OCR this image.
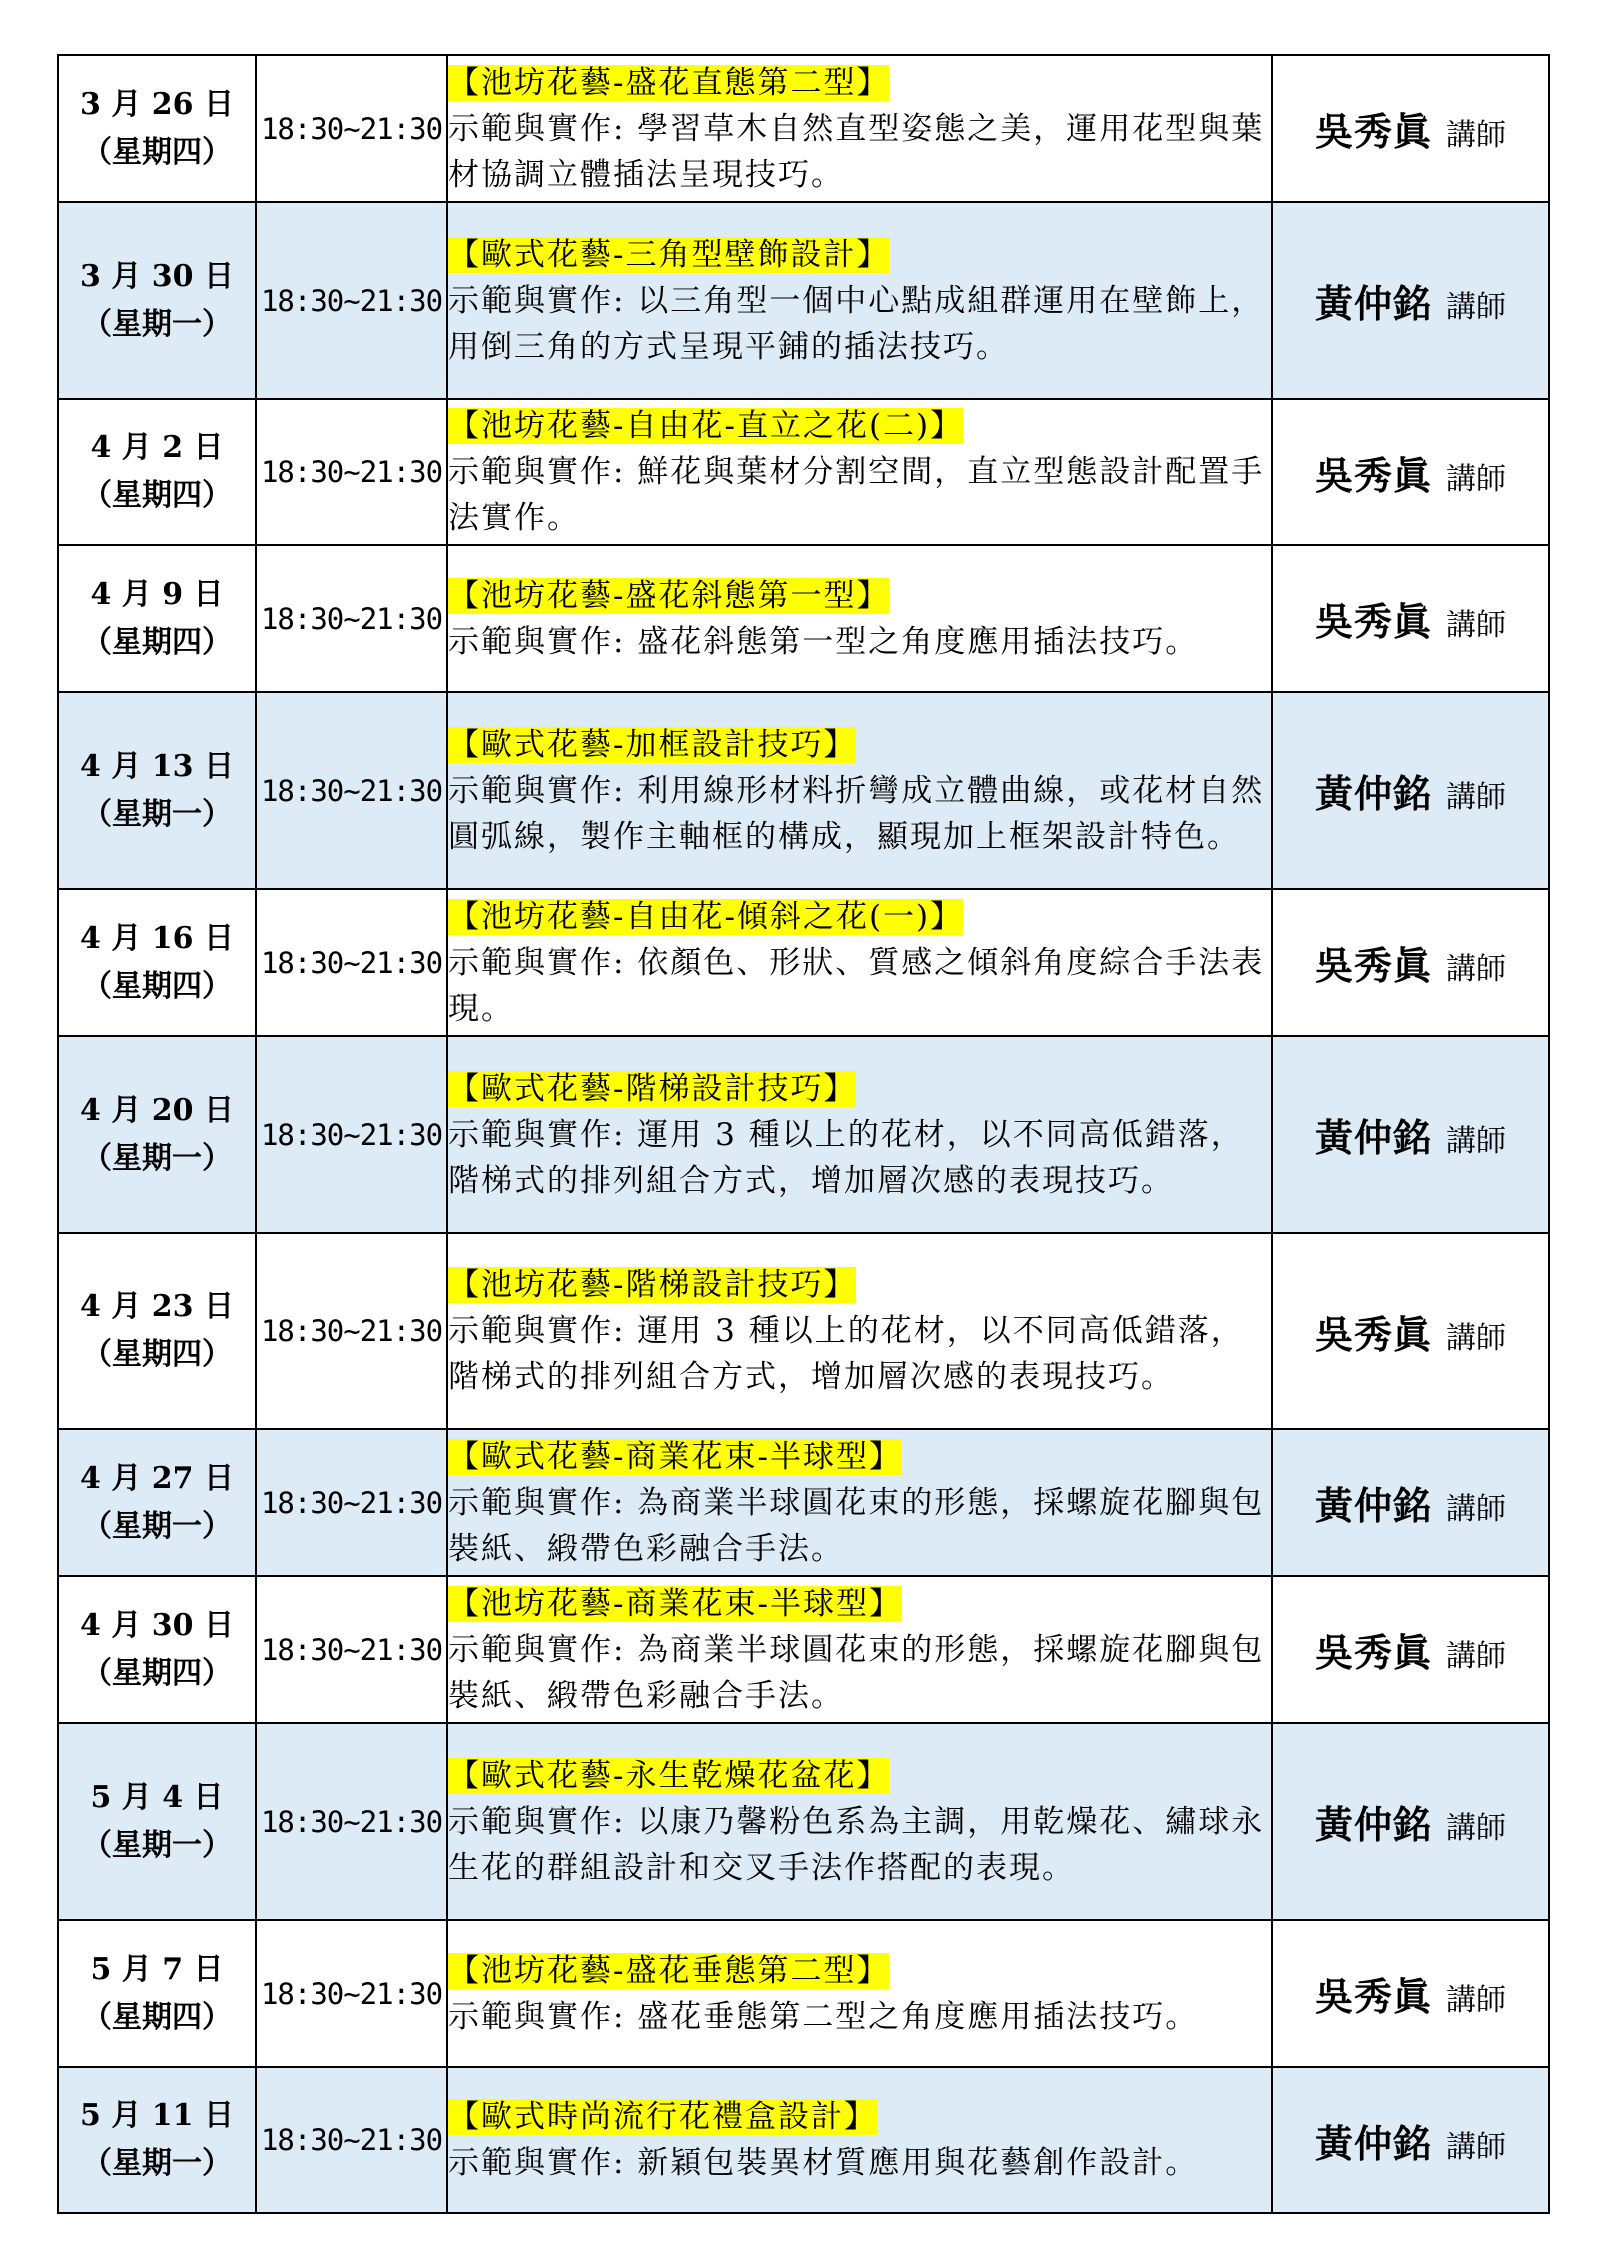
3 月 26 日
（星期四）	18:30~21:30	【池坊花藝-盛花直態第二型】
示範與實作: 學習草木自然直型姿態之美，運用花型與葉材協調立體插法呈現技巧。	吳秀眞 講師

3 月 30 日
（星期一）	18:30~21:30	【歐式花藝-三角型壁飾設計】
示範與實作: 以三角型一個中心點成組群運用在壁飾上，用倒三角的方式呈現平鋪的插法技巧。	黃仲銘 講師

4 月 2 日
（星期四）	18:30~21:30	【池坊花藝-自由花-直立之花(二)】
示範與實作: 鮮花與葉材分割空間，直立型態設計配置手法實作。	吳秀眞 講師

4 月 9 日
（星期四）	18:30~21:30	【池坊花藝-盛花斜態第一型】
示範與實作: 盛花斜態第一型之角度應用插法技巧。	吳秀眞 講師

4 月 13 日
（星期一）	18:30~21:30	【歐式花藝-加框設計技巧】
示範與實作: 利用線形材料折彎成立體曲線，或花材自然圓弧線，製作主軸框的構成，顯現加上框架設計特色。	黃仲銘 講師

4 月 16 日
（星期四）	18:30~21:30	【池坊花藝-自由花-傾斜之花(一)】
示範與實作: 依顏色、形狀、質感之傾斜角度綜合手法表現。	吳秀眞 講師

4 月 20 日
（星期一）	18:30~21:30	【歐式花藝-階梯設計技巧】
示範與實作: 運用 3 種以上的花材，以不同高低錯落，階梯式的排列組合方式，增加層次感的表現技巧。	黃仲銘 講師

4 月 23 日
（星期四）	18:30~21:30	【池坊花藝-階梯設計技巧】
示範與實作: 運用 3 種以上的花材，以不同高低錯落，階梯式的排列組合方式，增加層次感的表現技巧。	吳秀眞 講師

4 月 27 日
（星期一）	18:30~21:30	【歐式花藝-商業花束-半球型】
示範與實作: 為商業半球圓花束的形態，採螺旋花腳與包裝紙、緞帶色彩融合手法。	黃仲銘 講師

4 月 30 日
（星期四）	18:30~21:30	【池坊花藝-商業花束-半球型】
示範與實作: 為商業半球圓花束的形態，採螺旋花腳與包裝紙、緞帶色彩融合手法。	吳秀眞 講師

5 月 4 日
（星期一）	18:30~21:30	【歐式花藝-永生乾燥花盆花】
示範與實作: 以康乃馨粉色系為主調，用乾燥花、繡球永生花的群組設計和交叉手法作搭配的表現。	黃仲銘 講師

5 月 7 日
（星期四）	18:30~21:30	【池坊花藝-盛花垂態第二型】
示範與實作: 盛花垂態第二型之角度應用插法技巧。	吳秀眞 講師

5 月 11 日
（星期一）	18:30~21:30	【歐式時尚流行花禮盒設計】
示範與實作: 新穎包裝異材質應用與花藝創作設計。	黃仲銘 講師
